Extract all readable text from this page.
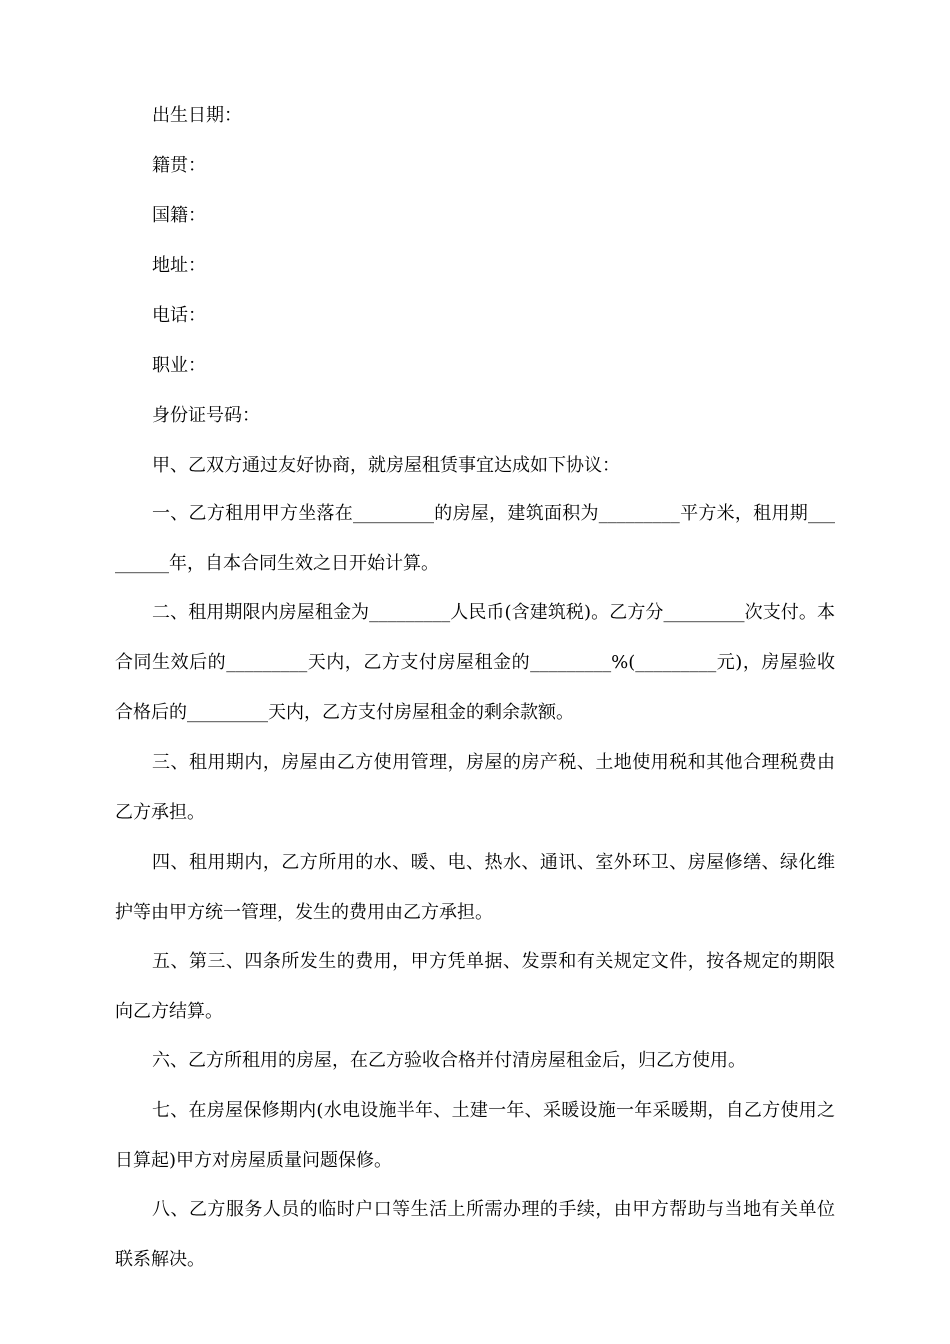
出生日期：
籍贯：
国籍：
地址：
电话：
职业：
身份证号码：
甲、乙双方通过友好协商，就房屋租赁事宜达成如下协议：
一、乙方租用甲方坐落在_________的房屋，建筑面积为_________平方米，租用期_________年，自本合同生效之日开始计算。
二、租用期限内房屋租金为_________人民币(含建筑税)。乙方分_________次支付。本合同生效后的_________天内，乙方支付房屋租金的_________%(_________元)，房屋验收合格后的_________天内，乙方支付房屋租金的剩余款额。
三、租用期内，房屋由乙方使用管理，房屋的房产税、土地使用税和其他合理税费由乙方承担。
四、租用期内，乙方所用的水、暖、电、热水、通讯、室外环卫、房屋修缮、绿化维护等由甲方统一管理，发生的费用由乙方承担。
五、第三、四条所发生的费用，甲方凭单据、发票和有关规定文件，按各规定的期限向乙方结算。
六、乙方所租用的房屋，在乙方验收合格并付清房屋租金后，归乙方使用。
七、在房屋保修期内(水电设施半年、土建一年、采暖设施一年采暖期，自乙方使用之日算起)甲方对房屋质量问题保修。
八、乙方服务人员的临时户口等生活上所需办理的手续，由甲方帮助与当地有关单位联系解决。
